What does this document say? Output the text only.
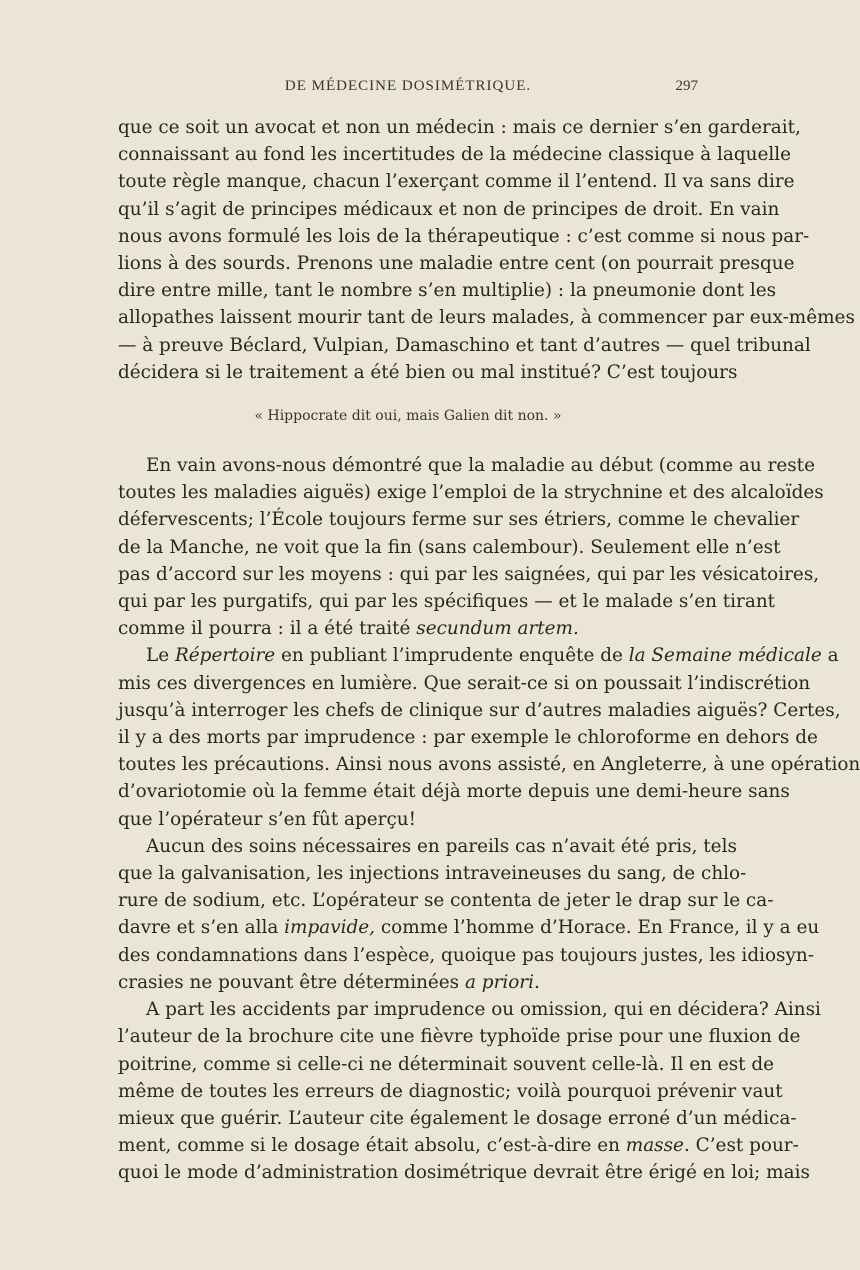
DE MÉDECINE DOSIMÉTRIQUE.	297

que ce soit un avocat et non un médecin : mais ce dernier s’en garderait,
connaissant au fond les incertitudes de la médecine classique à laquelle
toute règle manque, chacun l’exerçant comme il l’entend. Il va sans dire
qu’il s’agit de principes médicaux et non de principes de droit. En vain
nous avons formulé les lois de la thérapeutique : c’est comme si nous par-
lions à des sourds. Prenons une maladie entre cent (on pourrait presque
dire entre mille, tant le nombre s’en multiplie) : la pneumonie dont les
allopathes laissent mourir tant de leurs malades, à commencer par eux-mêmes
— à preuve Béclard, Vulpian, Damaschino et tant d’autres — quel tribunal
décidera si le traitement a été bien ou mal institué? C’est toujours

« Hippocrate dit oui, mais Galien dit non. »

En vain avons-nous démontré que la maladie au début (comme au reste
toutes les maladies aiguës) exige l’emploi de la strychnine et des alcaloïdes
défervescents; l’École toujours ferme sur ses étriers, comme le chevalier
de la Manche, ne voit que la fin (sans calembour). Seulement elle n’est
pas d’accord sur les moyens : qui par les saignées, qui par les vésicatoires,
qui par les purgatifs, qui par les spécifiques — et le malade s’en tirant
comme il pourra : il a été traité secundum artem.

Le Répertoire en publiant l’imprudente enquête de la Semaine médicale a
mis ces divergences en lumière. Que serait-ce si on poussait l’indiscrétion
jusqu’à interroger les chefs de clinique sur d’autres maladies aiguës? Certes,
il y a des morts par imprudence : par exemple le chloroforme en dehors de
toutes les précautions. Ainsi nous avons assisté, en Angleterre, à une opération
d’ovariotomie où la femme était déjà morte depuis une demi-heure sans
que l’opérateur s’en fût aperçu!

Aucun des soins nécessaires en pareils cas n’avait été pris, tels
que la galvanisation, les injections intraveineuses du sang, de chlo-
rure de sodium, etc. L’opérateur se contenta de jeter le drap sur le ca-
davre et s’en alla impavide, comme l’homme d’Horace. En France, il y a eu
des condamnations dans l’espèce, quoique pas toujours justes, les idiosyn-
crasies ne pouvant être déterminées a priori.

A part les accidents par imprudence ou omission, qui en décidera? Ainsi
l’auteur de la brochure cite une fièvre typhoïde prise pour une fluxion de
poitrine, comme si celle-ci ne déterminait souvent celle-là. Il en est de
même de toutes les erreurs de diagnostic; voilà pourquoi prévenir vaut
mieux que guérir. L’auteur cite également le dosage erroné d’un médica-
ment, comme si le dosage était absolu, c’est-à-dire en masse. C’est pour-
quoi le mode d’administration dosimétrique devrait être érigé en loi; mais
